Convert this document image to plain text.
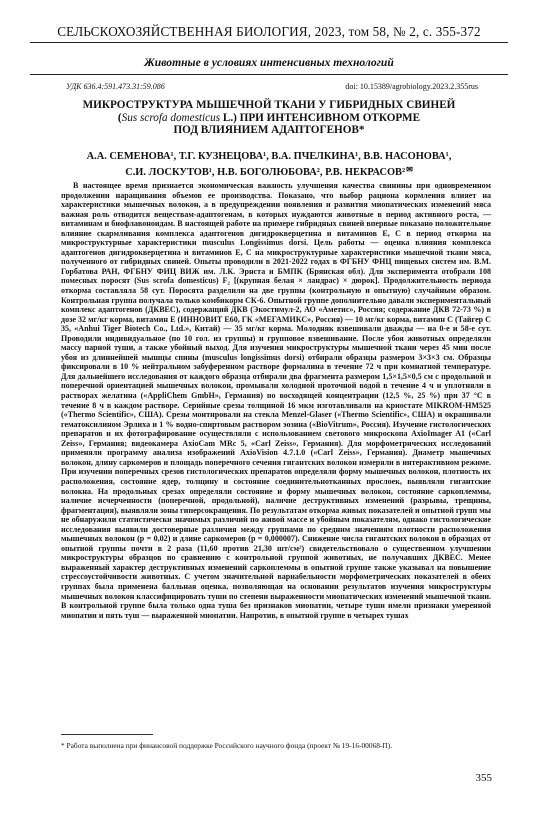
СЕЛЬСКОХОЗЯЙСТВЕННАЯ БИОЛОГИЯ, 2023, том 58, № 2, с. 355-372
Животные в условиях интенсивных технологий
УДК 636.4:591.473.31:59.086	doi: 10.15389/agrobiology.2023.2.355rus
МИКРОСТРУКТУРА МЫШЕЧНОЙ ТКАНИ У ГИБРИДНЫХ СВИНЕЙ
(Sus scrofa domesticus L.) ПРИ ИНТЕНСИВНОМ ОТКОРМЕ
ПОД ВЛИЯНИЕМ АДАПТОГЕНОВ*
А.А. СЕМЕНОВА¹, Т.Г. КУЗНЕЦОВА¹, В.А. ПЧЕЛКИНА¹, В.В. НАСОНОВА¹,
С.И. ЛОСКУТОВ¹, Н.В. БОГОЛЮБОВА², Р.В. НЕКРАСОВ²✉

В настоящее время признается экономическая важность улучшения качества свинины при одновременном продолжении наращивания объемов ее производства. Показано, что выбор рациона кормления влияет на характеристики мышечных волокон, а в предупреждении появления и развития миопатических изменений мяса важная роль отводится веществам-адаптогенам, в которых нуждаются животные в период активного роста, — витаминам и биофлавоноидам. В настоящей работе на примере гибридных свиней впервые показано положительное влияние скармливания комплекса адаптогенов дигидрокверцетина и витаминов Е, С в период откорма на микроструктурные характеристики musculus Longissimus dorsi. Цель работы — оценка влияния комплекса адаптогенов дигидрокверцетина и витаминов Е, С на микроструктурные характеристики мышечной ткани мяса, полученного от гибридных свиней. Опыты проводили в 2021-2022 годах в ФГБНУ ФНЦ пищевых систем им. В.М. Горбатова РАН, ФГБНУ ФИЦ ВИЖ им. Л.К. Эрнста и БМПК (Брянская обл). Для эксперимента отобрали 108 помесных поросят (Sus scrofa domesticus) F₂ [(крупная белая × ландрас) × дюрок]. Продолжительность периода откорма составляла 58 сут. Поросята разделили на две группы (контрольную и опытную) случайным образом. Контрольная группа получала только комбикорм СК-6. Опытной группе дополнительно давали экспериментальный комплекс адаптогенов (ДКВЕС), содержащий ДКВ (Экостимул-2, АО «Аметис», Россия; содержание ДКВ 72-73 %) в дозе 32 мг/кг корма, витамин Е (ИННОВИТ Е60, ГК «МЕГАМИКС», Россия) — 10 мг/кг корма, витамин С (Тайгер С 35, «Anhui Tiger Biotech Co., Ltd.», Китай) — 35 мг/кг корма. Молодняк взвешивали дважды — на 0-е и 58-е сут. Проводили индивидуальное (по 10 гол. из группы) и групповое взвешивание. После убоя животных определяли массу парной туши, а также убойный выход. Для изучения микроструктуры мышечной ткани через 45 мин после убоя из длиннейшей мышцы спины (musculus longissimus dorsi) отбирали образцы размером 3×3×3 см. Образцы фиксировали в 10 % нейтральном забуференном растворе формалина в течение 72 ч при комнатной температуре. Для дальнейшего исследования от каждого образца отбирали два фрагмента размером 1,5×1,5×0,5 см с продольной и поперечной ориентацией мышечных волокон, промывали холодной проточной водой в течение 4 ч и уплотняли в растворах желатина («AppliChem GmbH», Германия) по восходящей концентрации (12,5 %, 25 %) при 37 °С в течение 8 ч в каждом растворе. Серийные срезы толщиной 16 мкм изготавливали на криостате MIKROM-HM525 («Thermo Scientific», США). Срезы монтировали на стекла Menzel-Glaser («Thermo Scientific», США) и окрашивали гематоксилином Эрлиха и 1 % водно-спиртовым раствором эозина («BioVitrum», Россия). Изучение гистологических препаратов и их фотографирование осуществляли с использованием светового микроскопа AxioImager A1 («Carl Zeiss», Германия; видеокамера AxioCam MRc 5, «Carl Zeiss», Германия). Для морфометрических исследований применяли программу анализа изображений AxioVision 4.7.1.0 («Carl Zeiss», Германия). Диаметр мышечных волокон, длину саркомеров и площадь поперечного сечения гигантских волокон измеряли в интерактивном режиме. При изучении поперечных срезов гистологических препаратов определяли форму мышечных волокон, плотность их расположения, состояние ядер, толщину и состояние соединительнотканных прослоек, выявляли гигантские волокна. На продольных срезах определяли состояние и форму мышечных волокон, состояние саркоплеммы, наличие исчерченности (поперечной, продольной), наличие деструктивных изменений (разрывы, трещины, фрагментация), выявляли зоны гиперсокращения. По результатам откорма живых показателей и опытной групп мы не обнаружили статистически значимых различий по живой массе и убойным показателям, однако гистологические исследования выявили достоверные различия между группами по средним значениям плотности расположения мышечных волокон (p = 0,02) и длине саркомеров (p = 0,000007). Снижение числа гигантских волокон в образцах от опытной группы почти в 2 раза (11,60 против 21,30 шт/см²) свидетельствовало о существенном улучшении микроструктуры образцов по сравнению с контрольной группой животных, не получавших ДКВЕС. Менее выраженный характер деструктивных изменений саркоплеммы в опытной группе также указывал на повышение стрессоустойчивости животных. С учетом значительной вариабельности морфометрических показателей в обеих группах была применена балльная оценка, позволяющая на основании результатов изучения микроструктуры мышечных волокон классифицировать туши по степени выраженности миопатических изменений мышечной ткани. В контрольной группе была только одна туша без признаков миопатии, четыре туши имели признаки умеренной миопатии и пять туш — выраженной миопатии. Напротив, в опытной группе в четырех тушах

* Работа выполнена при финансовой поддержке Российского научного фонда (проект № 19-16-00068-П).
355
